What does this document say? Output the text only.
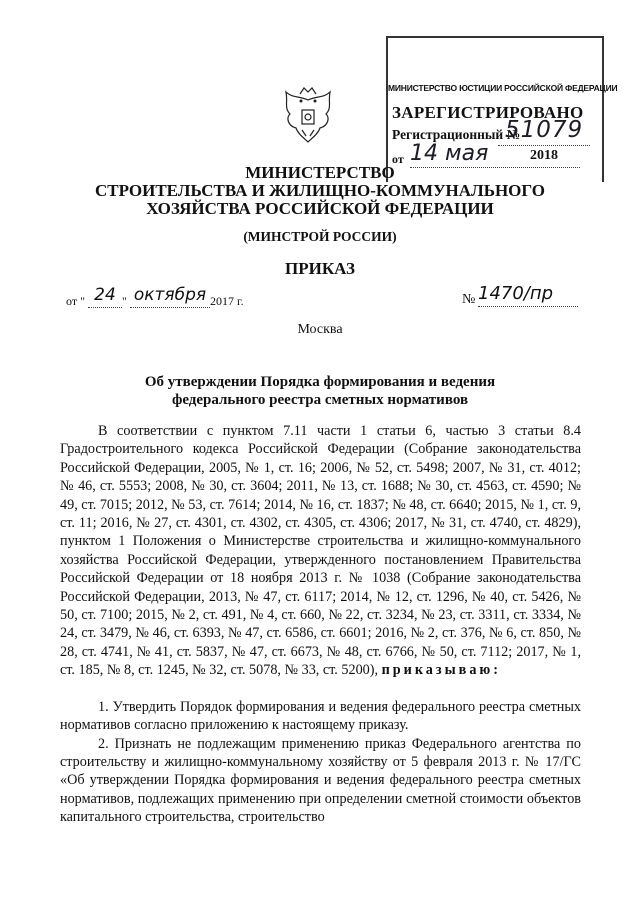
МИНИСТЕРСТВО ЮСТИЦИИ РОССИЙСКОЙ ФЕДЕРАЦИИ
ЗАРЕГИСТРИРОВАНО
Регистрационный №
51079
от 14 мая	2018
МИНИСТЕРСТВО
СТРОИТЕЛЬСТВА И ЖИЛИЩНО-КОММУНАЛЬНОГО
ХОЗЯЙСТВА РОССИЙСКОЙ ФЕДЕРАЦИИ
(МИНСТРОЙ РОССИИ)
ПРИКАЗ
от " 24 " октября 2017 г.	№ 1470/пр
Москва
Об утверждении Порядка формирования и ведения
федерального реестра сметных нормативов

В соответствии с пунктом 7.11 части 1 статьи 6, частью 3 статьи 8.4 Градостроительного кодекса Российской Федерации (Собрание законодательства Российской Федерации, 2005, № 1, ст. 16; 2006, № 52, ст. 5498; 2007, № 31, ст. 4012; № 46, ст. 5553; 2008, № 30, ст. 3604; 2011, № 13, ст. 1688; № 30, ст. 4563, ст. 4590; № 49, ст. 7015; 2012, № 53, ст. 7614; 2014, № 16, ст. 1837; № 48, ст. 6640; 2015, № 1, ст. 9, ст. 11; 2016, № 27, ст. 4301, ст. 4302, ст. 4305, ст. 4306; 2017, № 31, ст. 4740, ст. 4829), пунктом 1 Положения о Министерстве строительства и жилищно-коммунального хозяйства Российской Федерации, утвержденного постановлением Правительства Российской Федерации от 18 ноября 2013 г. № 1038 (Собрание законодательства Российской Федерации, 2013, № 47, ст. 6117; 2014, № 12, ст. 1296, № 40, ст. 5426, № 50, ст. 7100; 2015, № 2, ст. 491, № 4, ст. 660, № 22, ст. 3234, № 23, ст. 3311, ст. 3334, № 24, ст. 3479, № 46, ст. 6393, № 47, ст. 6586, ст. 6601; 2016, № 2, ст. 376, № 6, ст. 850, № 28, ст. 4741, № 41, ст. 5837, № 47, ст. 6673, № 48, ст. 6766, № 50, ст. 7112; 2017, № 1, ст. 185, № 8, ст. 1245, № 32, ст. 5078, № 33, ст. 5200), приказываю:

1. Утвердить Порядок формирования и ведения федерального реестра сметных нормативов согласно приложению к настоящему приказу.

2. Признать не подлежащим применению приказ Федерального агентства по строительству и жилищно-коммунальному хозяйству от 5 февраля 2013 г. № 17/ГС «Об утверждении Порядка формирования и ведения федерального реестра сметных нормативов, подлежащих применению при определении сметной стоимости объектов капитального строительства, строительство
